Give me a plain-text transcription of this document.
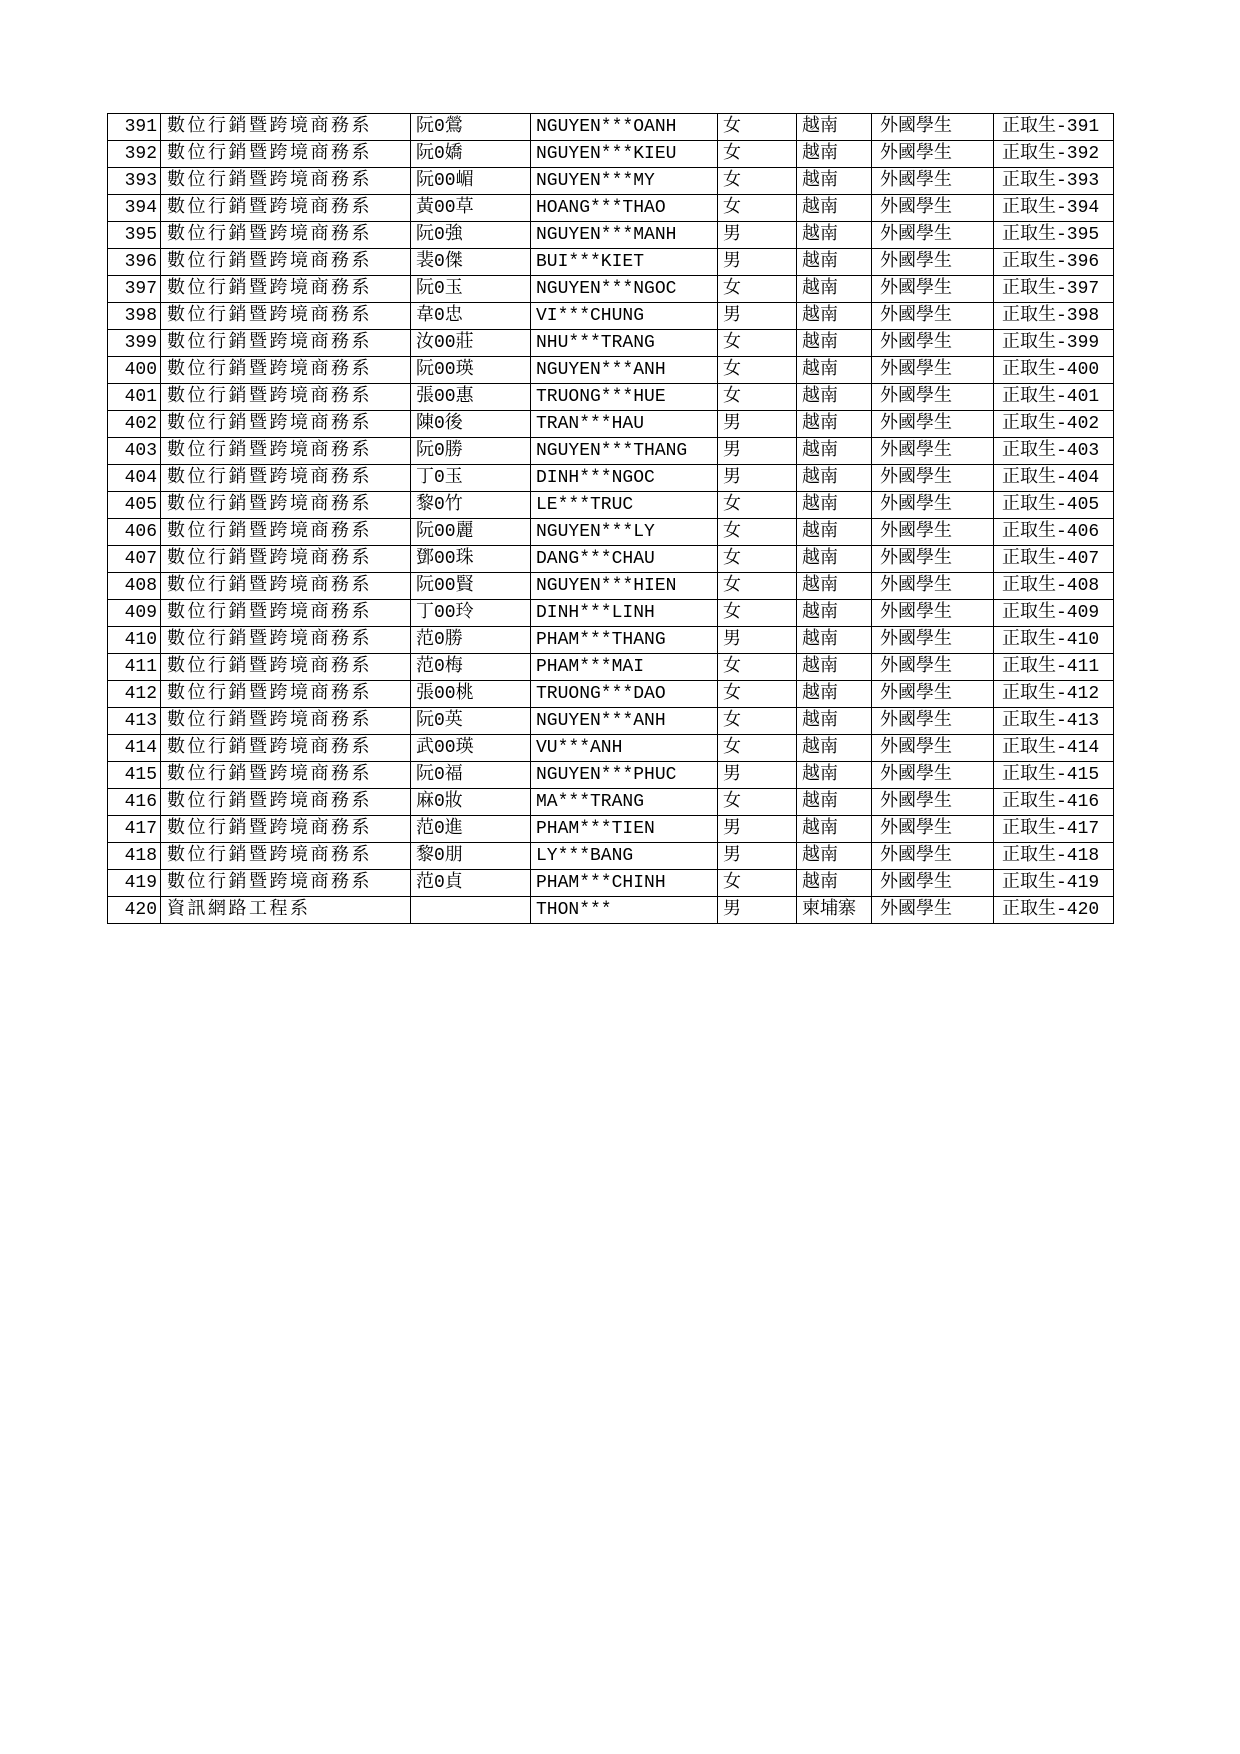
391	數位行銷暨跨境商務系	阮0鶯	NGUYEN***OANH	女	越南	外國學生	正取生-391
392	數位行銷暨跨境商務系	阮0嬌	NGUYEN***KIEU	女	越南	外國學生	正取生-392
393	數位行銷暨跨境商務系	阮00嵋	NGUYEN***MY	女	越南	外國學生	正取生-393
394	數位行銷暨跨境商務系	黃00草	HOANG***THAO	女	越南	外國學生	正取生-394
395	數位行銷暨跨境商務系	阮0強	NGUYEN***MANH	男	越南	外國學生	正取生-395
396	數位行銷暨跨境商務系	裴0傑	BUI***KIET	男	越南	外國學生	正取生-396
397	數位行銷暨跨境商務系	阮0玉	NGUYEN***NGOC	女	越南	外國學生	正取生-397
398	數位行銷暨跨境商務系	韋0忠	VI***CHUNG	男	越南	外國學生	正取生-398
399	數位行銷暨跨境商務系	汝00莊	NHU***TRANG	女	越南	外國學生	正取生-399
400	數位行銷暨跨境商務系	阮00瑛	NGUYEN***ANH	女	越南	外國學生	正取生-400
401	數位行銷暨跨境商務系	張00惠	TRUONG***HUE	女	越南	外國學生	正取生-401
402	數位行銷暨跨境商務系	陳0後	TRAN***HAU	男	越南	外國學生	正取生-402
403	數位行銷暨跨境商務系	阮0勝	NGUYEN***THANG	男	越南	外國學生	正取生-403
404	數位行銷暨跨境商務系	丁0玉	DINH***NGOC	男	越南	外國學生	正取生-404
405	數位行銷暨跨境商務系	黎0竹	LE***TRUC	女	越南	外國學生	正取生-405
406	數位行銷暨跨境商務系	阮00麗	NGUYEN***LY	女	越南	外國學生	正取生-406
407	數位行銷暨跨境商務系	鄧00珠	DANG***CHAU	女	越南	外國學生	正取生-407
408	數位行銷暨跨境商務系	阮00賢	NGUYEN***HIEN	女	越南	外國學生	正取生-408
409	數位行銷暨跨境商務系	丁00玲	DINH***LINH	女	越南	外國學生	正取生-409
410	數位行銷暨跨境商務系	范0勝	PHAM***THANG	男	越南	外國學生	正取生-410
411	數位行銷暨跨境商務系	范0梅	PHAM***MAI	女	越南	外國學生	正取生-411
412	數位行銷暨跨境商務系	張00桃	TRUONG***DAO	女	越南	外國學生	正取生-412
413	數位行銷暨跨境商務系	阮0英	NGUYEN***ANH	女	越南	外國學生	正取生-413
414	數位行銷暨跨境商務系	武00瑛	VU***ANH	女	越南	外國學生	正取生-414
415	數位行銷暨跨境商務系	阮0福	NGUYEN***PHUC	男	越南	外國學生	正取生-415
416	數位行銷暨跨境商務系	麻0妝	MA***TRANG	女	越南	外國學生	正取生-416
417	數位行銷暨跨境商務系	范0進	PHAM***TIEN	男	越南	外國學生	正取生-417
418	數位行銷暨跨境商務系	黎0朋	LY***BANG	男	越南	外國學生	正取生-418
419	數位行銷暨跨境商務系	范0貞	PHAM***CHINH	女	越南	外國學生	正取生-419
420	資訊網路工程系		THON***	男	柬埔寨	外國學生	正取生-420
